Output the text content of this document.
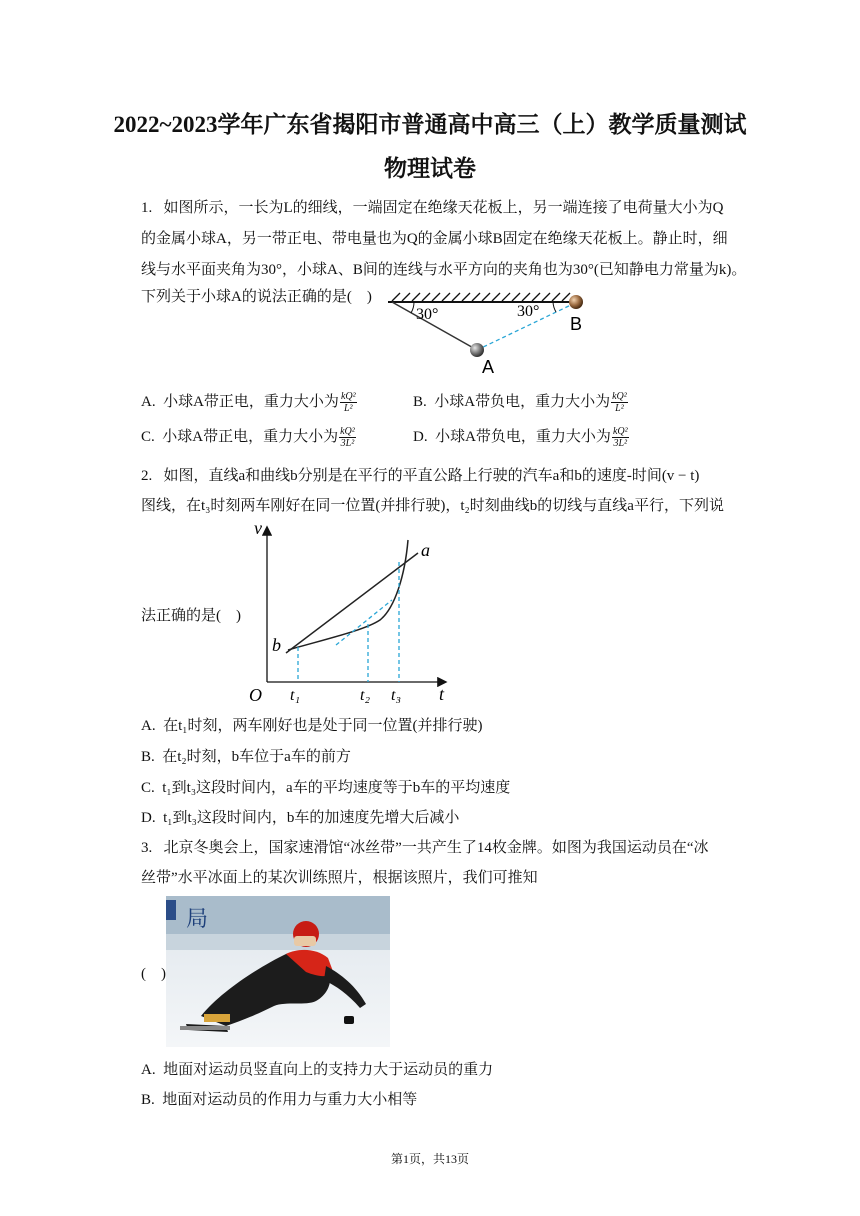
2022~2023学年广东省揭阳市普通高中高三（上）教学质量测试
物理试卷
1. 如图所示，一长为L的细线，一端固定在绝缘天花板上，另一端连接了电荷量大小为Q
的金属小球A，另一带正电、带电量也为Q的金属小球B固定在绝缘天花板上。静止时，细
线与水平面夹角为30°，小球A、B间的连线与水平方向的夹角也为30°(已知静电力常量为k)。
下列关于小球A的说法正确的是(　)
30°	30°
B
A
A. 小球A带正电，重力大小为 $\frac{\text{kQ²}}{\text{L²}}$	B. 小球A带负电，重力大小为 $\frac{\text{kQ²}}{\text{L²}}$
C. 小球A带正电，重力大小为 $\frac{\text{kQ²}}{\text{3L²}}$	D. 小球A带负电，重力大小为 $\frac{\text{kQ²}}{\text{3L²}}$
2. 如图，直线a和曲线b分别是在平行的平直公路上行驶的汽车a和b的速度-时间(v − t)
图线，在t₃时刻两车刚好在同一位置(并排行驶)，t₂时刻曲线b的切线与直线a平行，下列说
法正确的是(　)
v
t
O t₁	t₂ t₃
a
b
A. 在t₁时刻，两车刚好也是处于同一位置(并排行驶)
B. 在t₂时刻，b车位于a车的前方
C. t₁到t₃这段时间内，a车的平均速度等于b车的平均速度
D. t₁到t₃这段时间内，b车的加速度先增大后减小
3. 北京冬奥会上，国家速滑馆“冰丝带”一共产生了14枚金牌。如图为我国运动员在“冰
丝带”水平冰面上的某次训练照片，根据该照片，我们可推知
(　)
局
A. 地面对运动员竖直向上的支持力大于运动员的重力
B. 地面对运动员的作用力与重力大小相等
第1页，共13页
